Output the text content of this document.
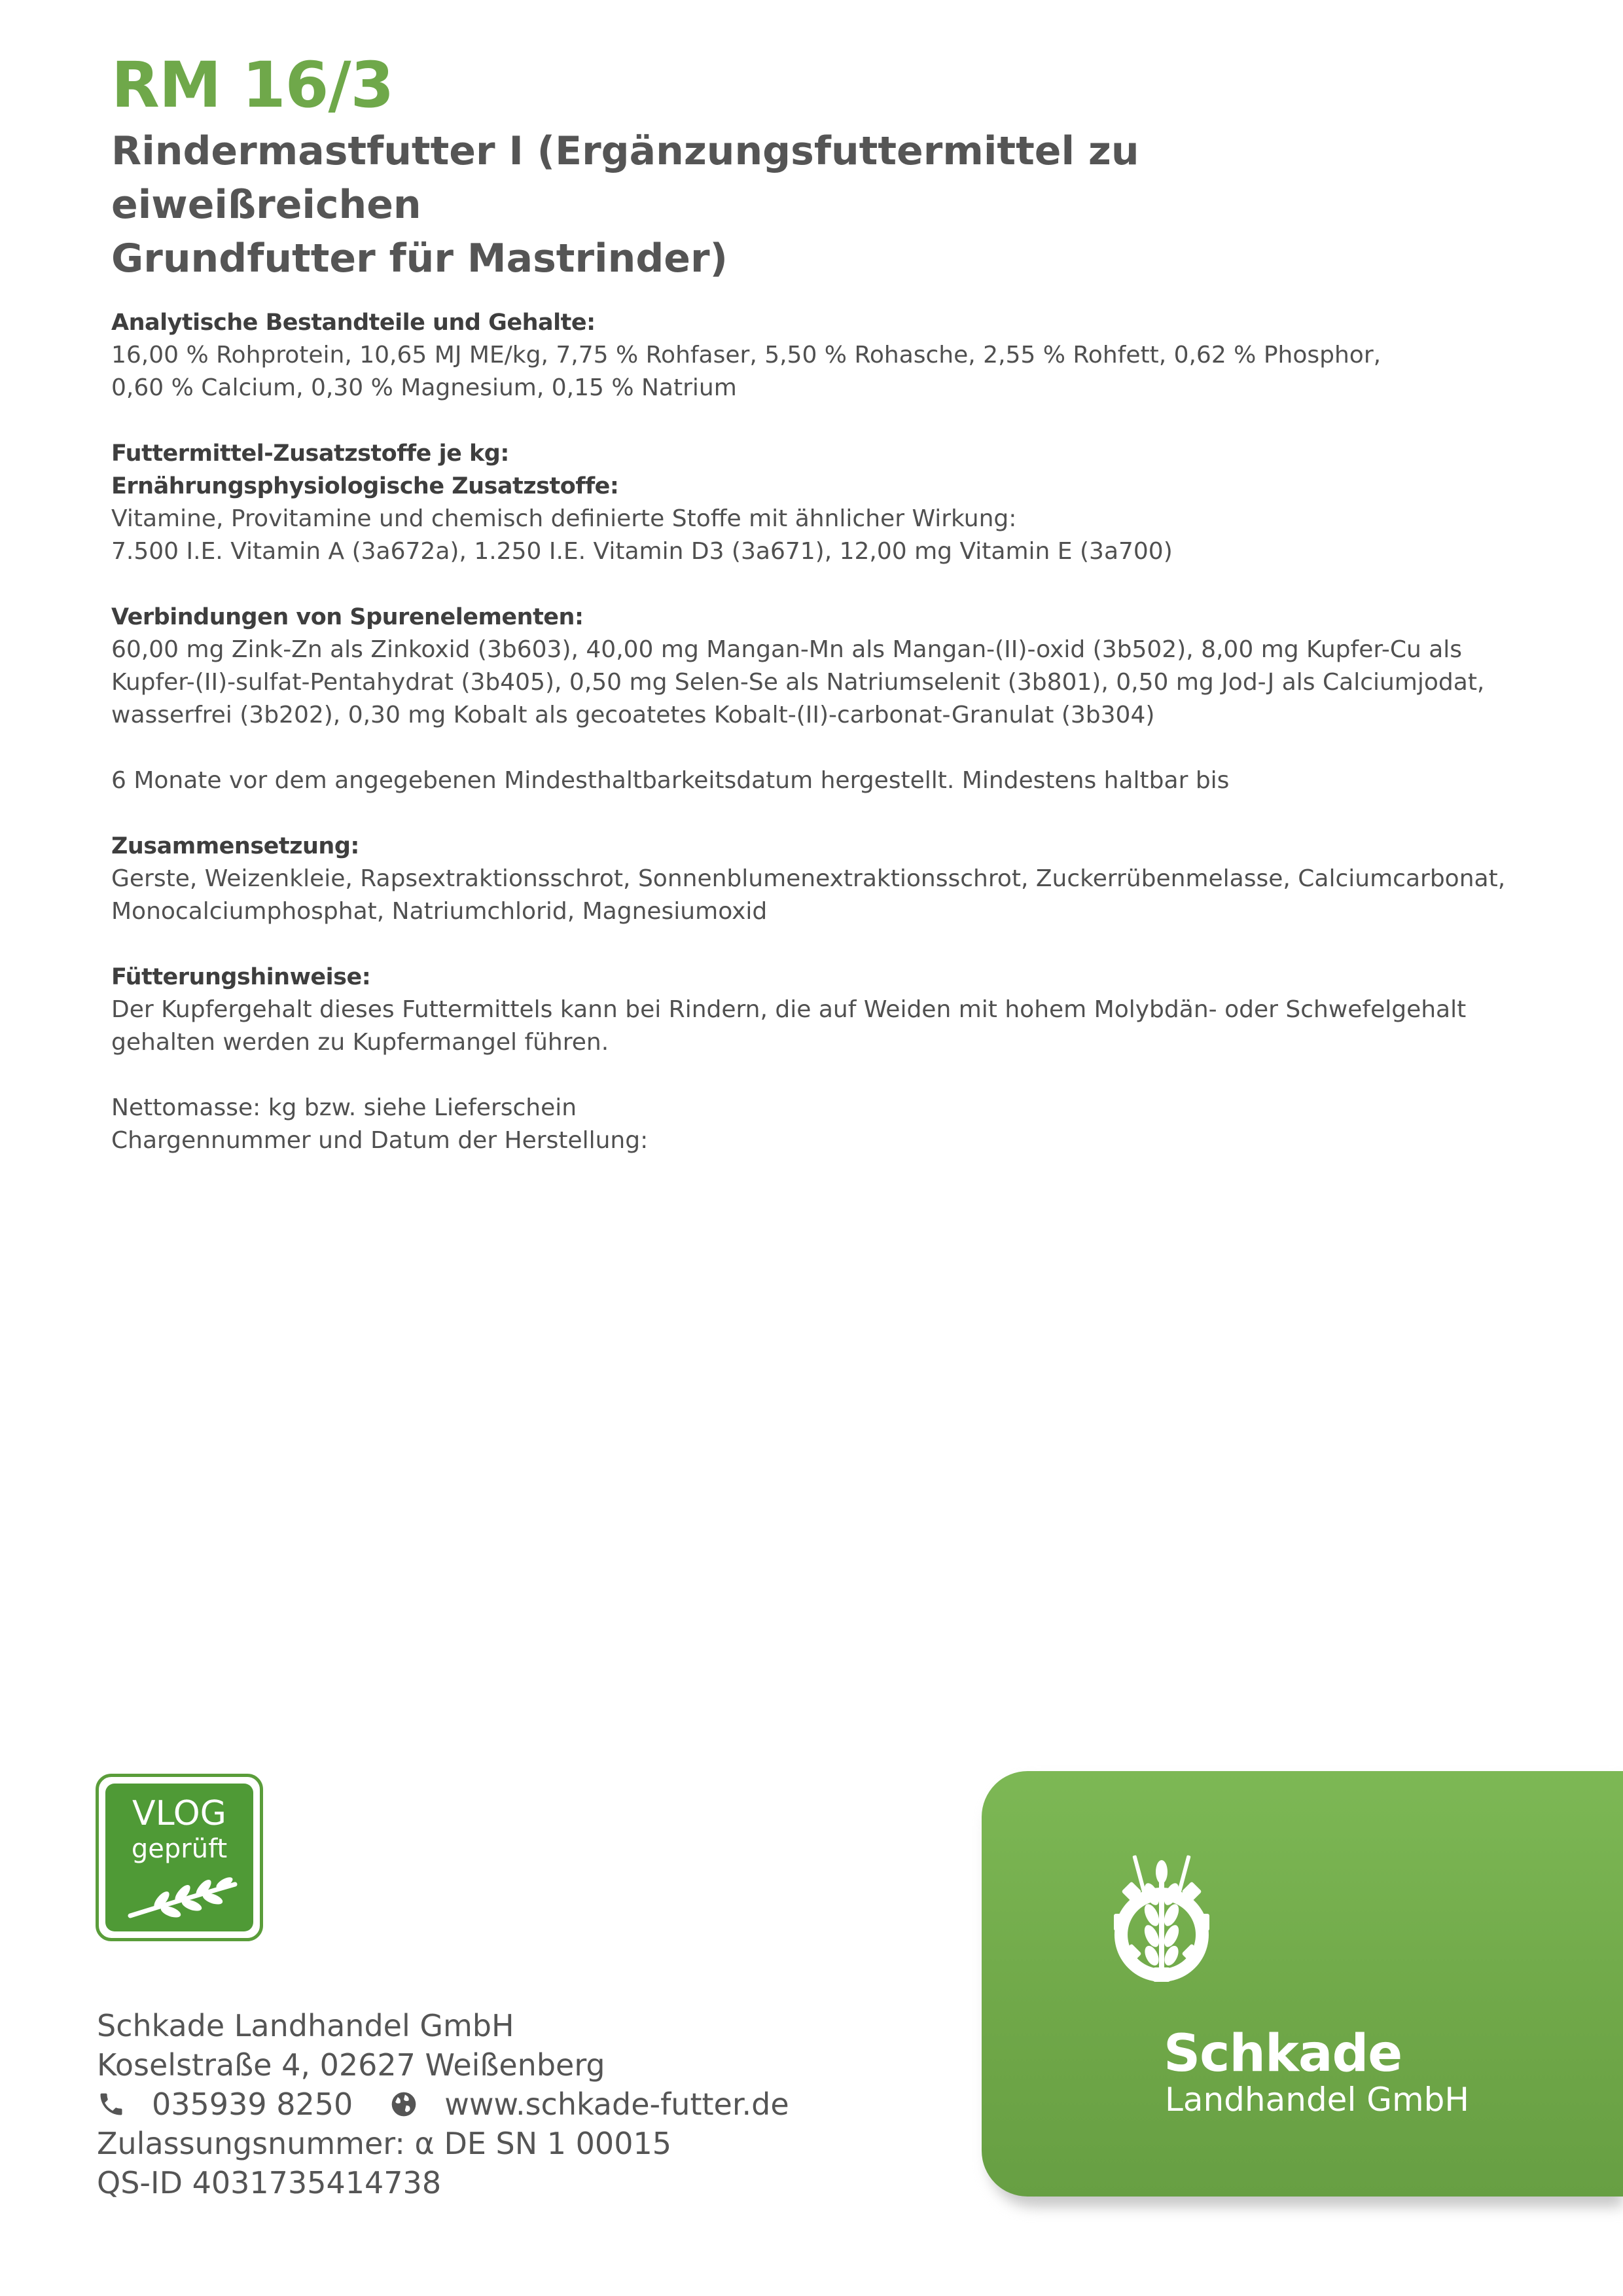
RM 16/3
Rindermastfutter I (Ergänzungsfuttermittel zu eiweißreichen
Grundfutter für Mastrinder)

Analytische Bestandteile und Gehalte:

16,00 % Rohprotein, 10,65 MJ ME/kg, 7,75 % Rohfaser, 5,50 % Rohasche, 2,55 % Rohfett, 0,62 % Phosphor,

0,60 % Calcium, 0,30 % Magnesium, 0,15 % Natrium

Futtermittel-Zusatzstoffe je kg:

Ernährungsphysiologische Zusatzstoffe:

Vitamine, Provitamine und chemisch definierte Stoffe mit ähnlicher Wirkung:

7.500 I.E. Vitamin A (3a672a), 1.250 I.E. Vitamin D3 (3a671), 12,00 mg Vitamin E (3a700)

Verbindungen von Spurenelementen:

60,00 mg Zink-Zn als Zinkoxid (3b603), 40,00 mg Mangan-Mn als Mangan-(II)-oxid (3b502), 8,00 mg Kupfer-Cu als

Kupfer-(II)-sulfat-Pentahydrat (3b405), 0,50 mg Selen-Se als Natriumselenit (3b801), 0,50 mg Jod-J als Calciumjodat,

wasserfrei (3b202), 0,30 mg Kobalt als gecoatetes Kobalt-(II)-carbonat-Granulat (3b304)

6 Monate vor dem angegebenen Mindesthaltbarkeitsdatum hergestellt. Mindestens haltbar bis

Zusammensetzung:

Gerste, Weizenkleie, Rapsextraktionsschrot, Sonnenblumenextraktionsschrot, Zuckerrübenmelasse, Calciumcarbonat,

Monocalciumphosphat, Natriumchlorid, Magnesiumoxid

Fütterungshinweise:

Der Kupfergehalt dieses Futtermittels kann bei Rindern, die auf Weiden mit hohem Molybdän- oder Schwefelgehalt

gehalten werden zu Kupfermangel führen.

Nettomasse: kg bzw. siehe Lieferschein

Chargennummer und Datum der Herstellung:

VLOG
geprüft

Schkade Landhandel GmbH

Koselstraße 4, 02627 Weißenberg

035939 8250	www.schkade-futter.de

Zulassungsnummer: α DE SN 1 00015

QS-ID 4031735414738

Schkade
Landhandel GmbH
